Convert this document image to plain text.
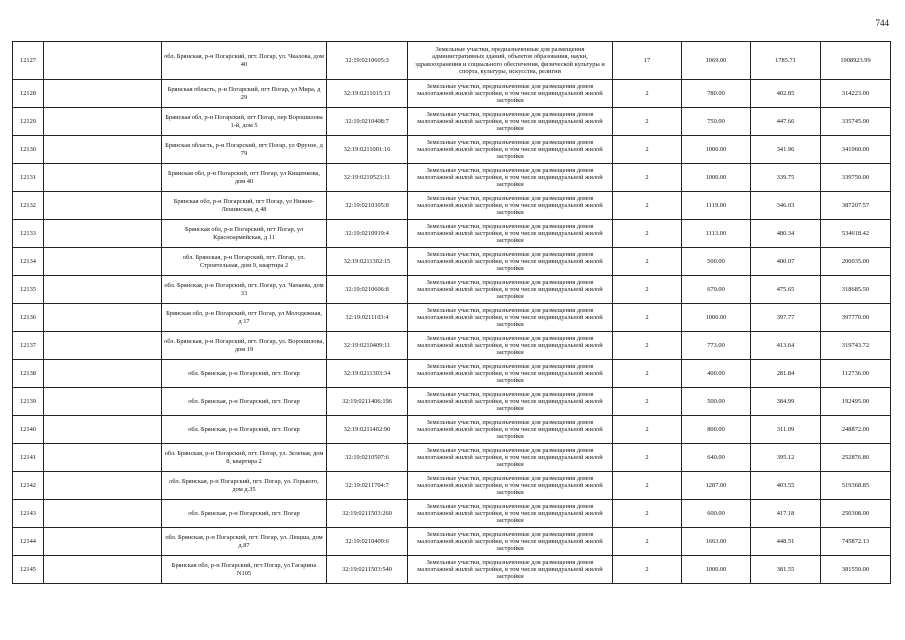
744
12127		обл. Брянская, р-н Погарский, пгт. Погар, ул. Чкалова, дом 40	32:19:0210605:3	Земельные участки, предназначенные для размещения административных зданий, объектов образования, науки, здравоохранения и социального обеспечения, физической культуры и спорта, культуры, искусства, религии	17	1069.00	1785.71	1908923.99
12128		Брянская область, р-н Погарский, пгт Погар, ул Мира, д 29	32:19:0211015:13	Земельные участки, предназначенные для размещения домов малоэтажной жилой застройки, в том числе индивидуальной жилой застройки	2	780.00	402.85	314223.00
12129		Брянская обл, р-н Погарский, пгт Погар, пер Ворошилова 1-й, дом 5	32:19:0210408:7	Земельные участки, предназначенные для размещения домов малоэтажной жилой застройки, в том числе индивидуальной жилой застройки	2	750.00	447.66	335745.00
12130		Брянская область, р-н Погарский, пгт Погар, ул Фрунзе, д 79	32:19:0211001:16	Земельные участки, предназначенные для размещения домов малоэтажной жилой застройки, в том числе индивидуальной жилой застройки	2	1000.00	341.96	341960.00
12131		Брянская обл, р-н Погарский, пгт Погар, ул Кищенкова, дом 40	32:19:0210523:11	Земельные участки, предназначенные для размещения домов малоэтажной жилой застройки, в том числе индивидуальной жилой застройки	2	1000.00	339.75	339750.00
12132		Брянская обл, р-н Погарский, пгт Погар, ул Нижне-Лешинская, д 48	32:19:0210305:8	Земельные участки, предназначенные для размещения домов малоэтажной жилой застройки, в том числе индивидуальной жилой застройки	2	1119.00	346.03	387207.57
12133		Брянская обл, р-н Погарский, пгт Погар, ул Красноармейская, д 11	32:19:0210919:4	Земельные участки, предназначенные для размещения домов малоэтажной жилой застройки, в том числе индивидуальной жилой застройки	2	1113.00	480.34	534618.42
12134		обл. Брянская, р-н Погарский, пгт. Погар, ул. Строительная, дом 9, квартира 2	32:19:0211302:15	Земельные участки, предназначенные для размещения домов малоэтажной жилой застройки, в том числе индивидуальной жилой застройки	2	500.00	400.07	200035.00
12135		обл. Брянская, р-н Погарский, пгт. Погар, ул. Чапаева, дом 33	32:19:0210606:8	Земельные участки, предназначенные для размещения домов малоэтажной жилой застройки, в том числе индивидуальной жилой застройки	2	670.00	475.65	318685.50
12136		Брянская обл, р-н Погарский, пгт Погар, ул Молодежная, д 17	32:19:0211103:4	Земельные участки, предназначенные для размещения домов малоэтажной жилой застройки, в том числе индивидуальной жилой застройки	2	1000.00	397.77	397770.00
12137		обл. Брянская, р-н Погарский, пгт. Погар, ул. Ворошилова, дом 19	32:19:0210409:11	Земельные участки, предназначенные для размещения домов малоэтажной жилой застройки, в том числе индивидуальной жилой застройки	2	773.00	413.64	319743.72
12138		обл. Брянская, р-н Погарский, пгт. Погар	32:19:0211303:34	Земельные участки, предназначенные для размещения домов малоэтажной жилой застройки, в том числе индивидуальной жилой застройки	2	400.00	281.84	112736.00
12139		обл. Брянская, р-н Погарский, пгт. Погар	32:19:0211406:196	Земельные участки, предназначенные для размещения домов малоэтажной жилой застройки, в том числе индивидуальной жилой застройки	2	500.00	384.99	192495.00
12140		обл. Брянская, р-н Погарский, пгт. Погар	32:19:0211402:90	Земельные участки, предназначенные для размещения домов малоэтажной жилой застройки, в том числе индивидуальной жилой застройки	2	800.00	311.09	248872.00
12141		обл. Брянская, р-н Погарский, пгт. Погар, ул. Зеленая, дом 8, квартира 2	32:19:0210507:6	Земельные участки, предназначенные для размещения домов малоэтажной жилой застройки, в том числе индивидуальной жилой застройки	2	640.00	395.12	252876.80
12142		обл. Брянская, р-н Погарский, пгт. Погар, ул. Горького, дом д.35	32:19:0211704:7	Земельные участки, предназначенные для размещения домов малоэтажной жилой застройки, в том числе индивидуальной жилой застройки	2	1287.00	403.55	519368.85
12143		обл. Брянская, р-н Погарский, пгт. Погар	32:19:0211503:260	Земельные участки, предназначенные для размещения домов малоэтажной жилой застройки, в том числе индивидуальной жилой застройки	2	600.00	417.18	250308.00
12144		обл. Брянская, р-н Погарский, пгт. Погар, ул. Лещша, дом д.87	32:19:0210409:6	Земельные участки, предназначенные для размещения домов малоэтажной жилой застройки, в том числе индивидуальной жилой застройки	2	1663.00	448.51	745872.13
12145		Брянская обл, р-н Погарский, пгт Погар, ул Гагарина N105	32:19:0211503:540	Земельные участки, предназначенные для размещения домов малоэтажной жилой застройки, в том числе индивидуальной жилой застройки	2	1000.00	381.55	381550.00
